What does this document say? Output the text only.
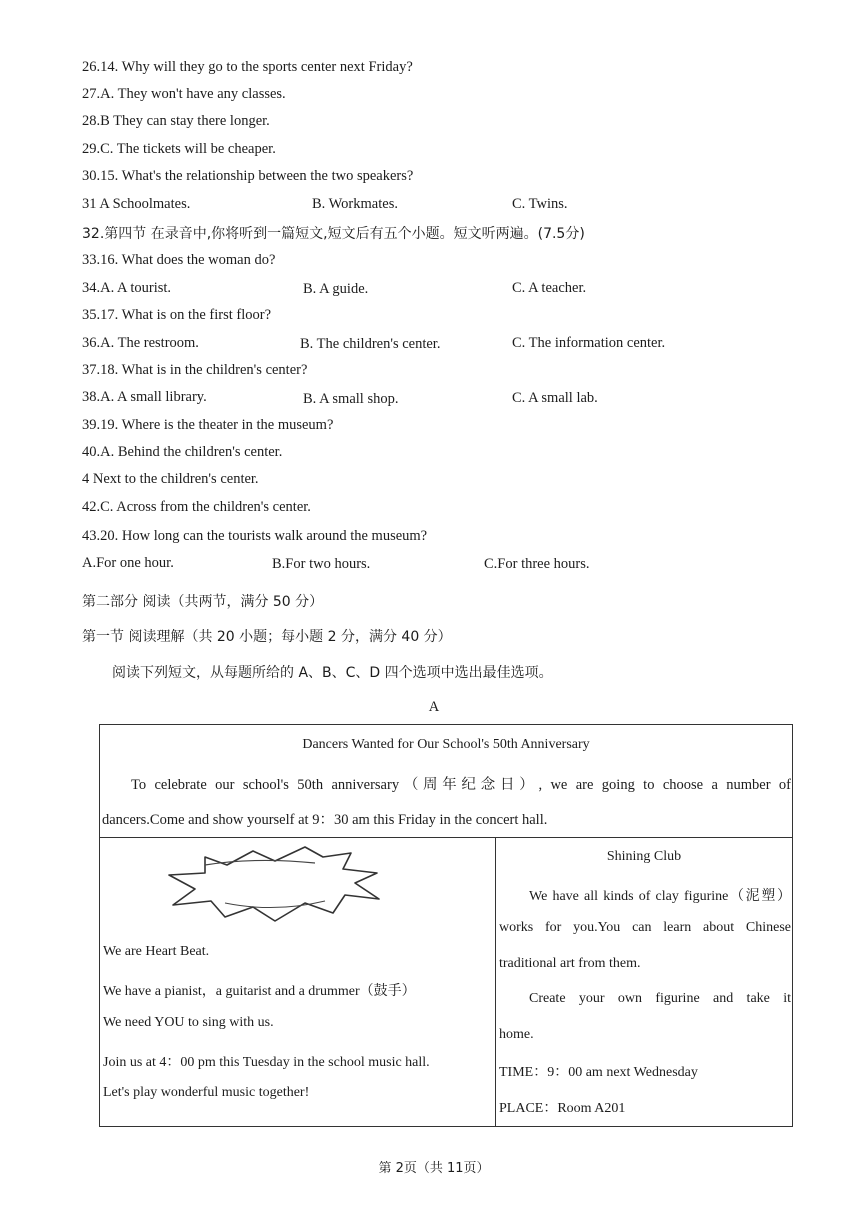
26.14. Why will they go to the sports center next Friday?
27.A. They won't have any classes.
28.B They can stay there longer.
29.C. The tickets will be cheaper.
30.15. What's the relationship between the two speakers?
31 A Schoolmates.	B. Workmates.	C. Twins.
32.第四节 在录音中,你将听到一篇短文,短文后有五个小题。短文听两遍。(7.5分)
33.16. What does the woman do?
34.A. A tourist.	B. A guide.	C. A teacher.
35.17. What is on the first floor?
36.A. The restroom.	B. The children's center.	C. The information center.
37.18. What is in the children's center?
38.A. A small library.	B. A small shop.	C. A small lab.
39.19. Where is the theater in the museum?
40.A. Behind the children's center.
4 Next to the children's center.
42.C. Across from the children's center.
43.20. How long can the tourists walk around the museum?
A.For one hour.	B.For two hours.	C.For three hours.
第二部分 阅读（共两节，满分 50 分）
第一节 阅读理解（共 20 小题；每小题 2 分，满分 40 分）
阅读下列短文，从每题所给的 A、B、C、D 四个选项中选出最佳选项。
A
Dancers Wanted for Our School's 50th Anniversary
To celebrate our school's 50th anniversary（周年纪念日）, we are going to choose a number of
dancers.Come and show yourself at 9：30 am this Friday in the concert hall.
We are Heart Beat.
We have a pianist，a guitarist and a drummer（鼓手）
We need YOU to sing with us.
Join us at 4：00 pm this Tuesday in the school music hall.
Let's play wonderful music together!
Shining Club
We have all kinds of clay figurine（泥塑）
works for you.You can learn about Chinese
traditional art from them.
Create your own figurine and take it
home.
TIME：9：00 am next Wednesday
PLACE：Room A201
第 2页（共 11页）
